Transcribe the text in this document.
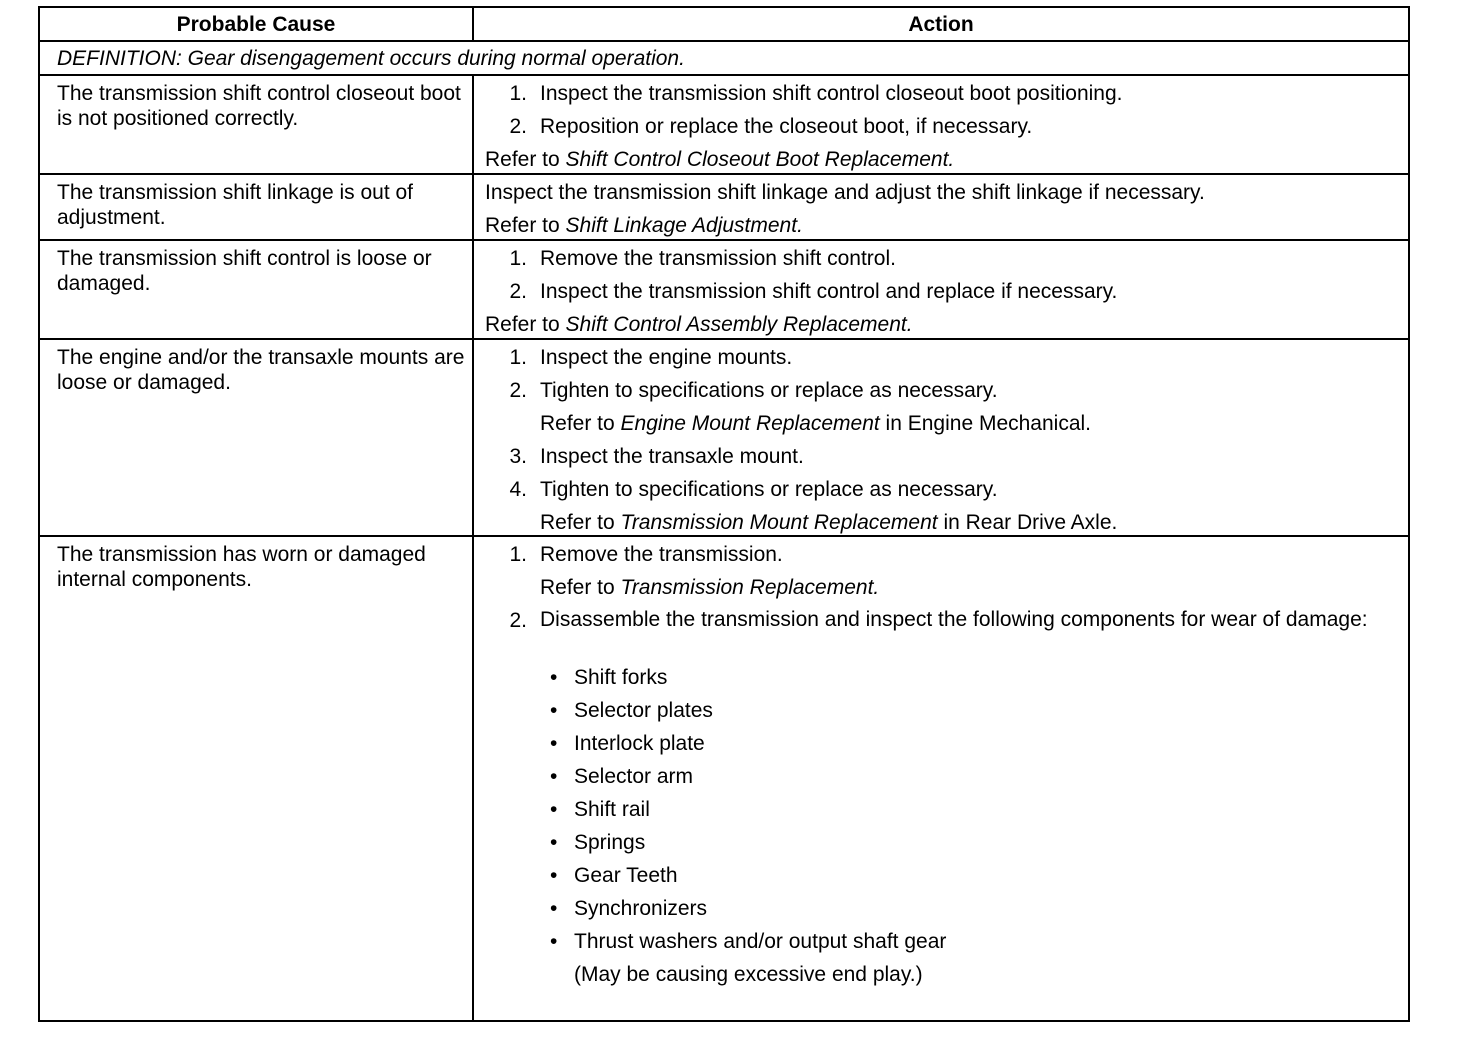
Probable Cause	Action
DEFINITION: Gear disengagement occurs during normal operation.
The transmission shift control closeout boot is not positioned correctly.
1. Inspect the transmission shift control closeout boot positioning.
2. Reposition or replace the closeout boot, if necessary.
Refer to Shift Control Closeout Boot Replacement.
The transmission shift linkage is out of adjustment.
Inspect the transmission shift linkage and adjust the shift linkage if necessary.
Refer to Shift Linkage Adjustment.
The transmission shift control is loose or damaged.
1. Remove the transmission shift control.
2. Inspect the transmission shift control and replace if necessary.
Refer to Shift Control Assembly Replacement.
The engine and/or the transaxle mounts are loose or damaged.
1. Inspect the engine mounts.
2. Tighten to specifications or replace as necessary.
Refer to Engine Mount Replacement in Engine Mechanical.
3. Inspect the transaxle mount.
4. Tighten to specifications or replace as necessary.
Refer to Transmission Mount Replacement in Rear Drive Axle.
The transmission has worn or damaged internal components.
1. Remove the transmission.
Refer to Transmission Replacement.
2. Disassemble the transmission and inspect the following components for wear of damage:
• Shift forks
• Selector plates
• Interlock plate
• Selector arm
• Shift rail
• Springs
• Gear Teeth
• Synchronizers
• Thrust washers and/or output shaft gear
(May be causing excessive end play.)
